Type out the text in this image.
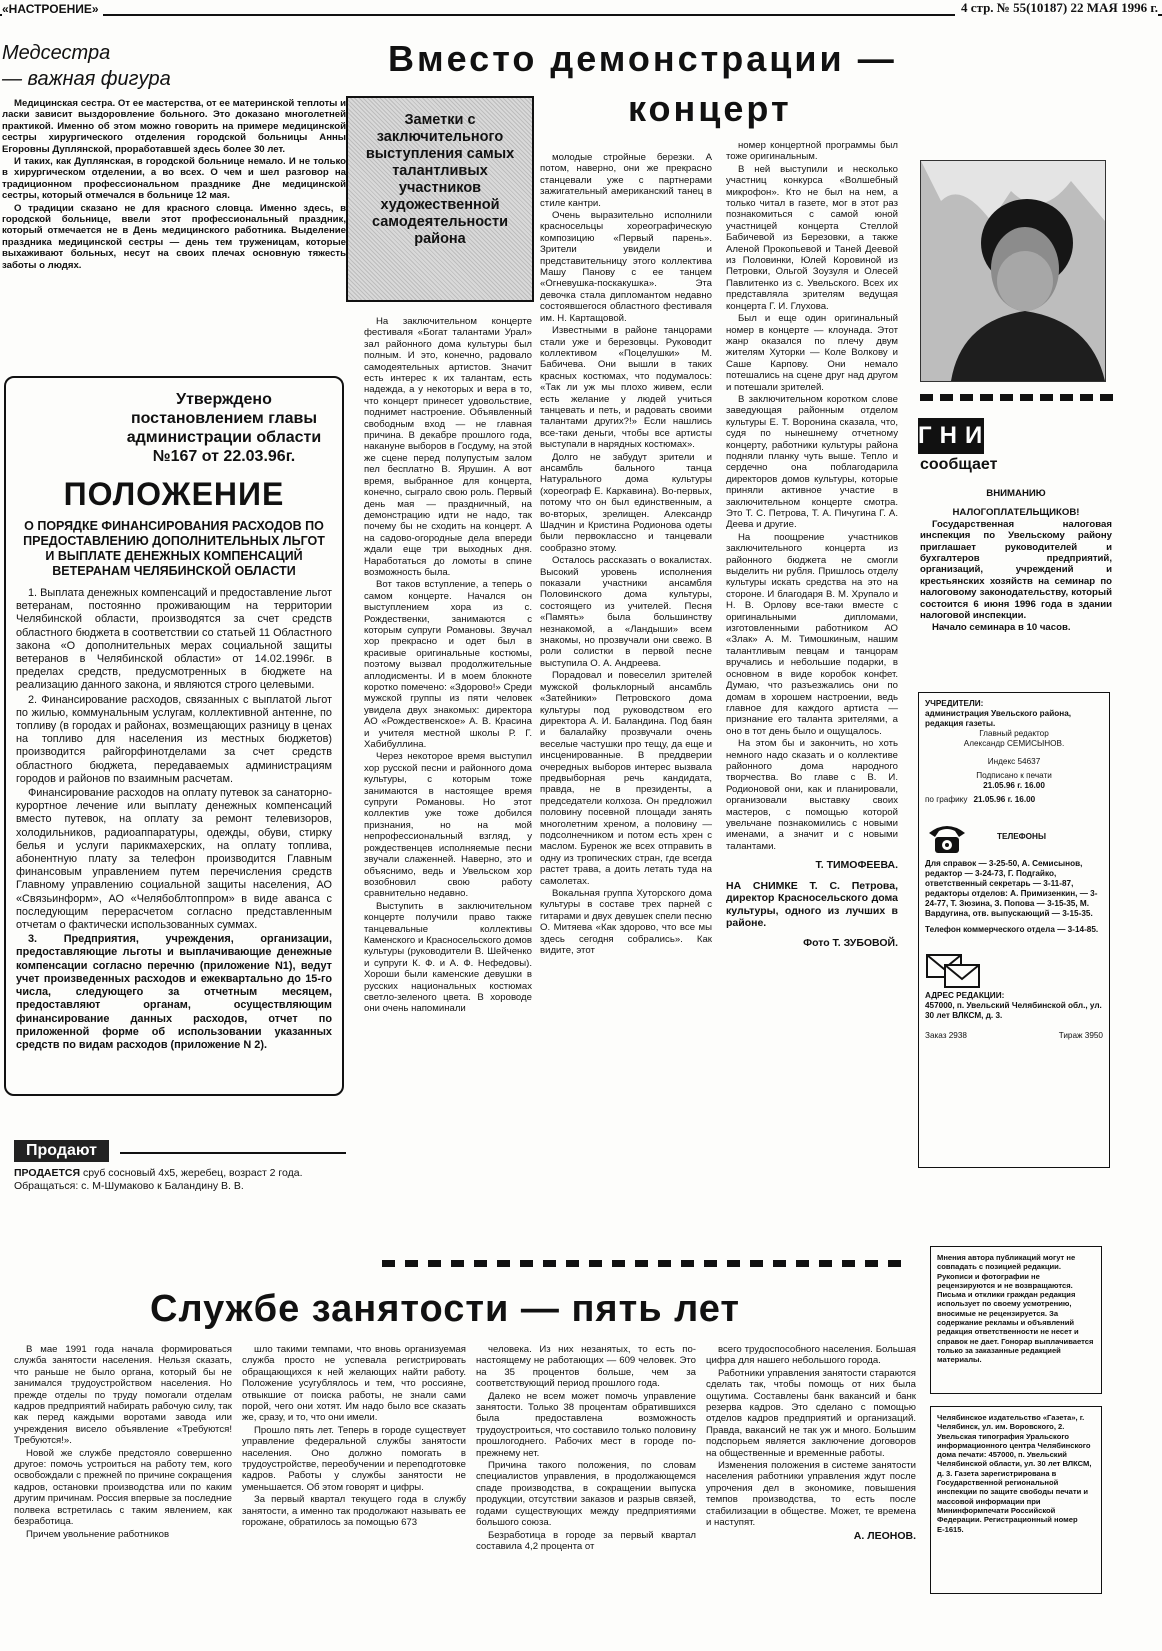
«НАСТРОЕНИЕ»	4 стр. № 55(10187) 22 МАЯ 1996 г.
Медсестра
— важная фигура

Медицинская сестра. От ее мастерства, от ее материнской теплоты и ласки зависит выздоровление больного. Это доказано многолетней практикой. Именно об этом можно говорить на примере медицинской сестры хирургического отделения городской больницы Анны Егоровны Дуплянской, проработавшей здесь более 30 лет.

И таких, как Дуплянская, в городской больнице немало. И не только в хирургическом отделении, а во всех. О чем и шел разговор на традиционном профессиональном празднике Дне медицинской сестры, который отмечался в больнице 12 мая.

О традиции сказано не для красного словца. Именно здесь, в городской больнице, ввели этот профессиональный праздник, который отмечается не в День медицинского работника. Выделение праздника медицинской сестры — день тем труженицам, которые выхаживают больных, несут на своих плечах основную тяжесть заботы о людях.

Утверждено постановлением главы администрации области №167 от 22.03.96г.
ПОЛОЖЕНИЕ
О ПОРЯДКЕ ФИНАНСИРОВАНИЯ РАСХОДОВ ПО ПРЕДОСТАВЛЕНИЮ ДОПОЛНИТЕЛЬНЫХ ЛЬГОТ И ВЫПЛАТЕ ДЕНЕЖНЫХ КОМПЕНСАЦИЙ ВЕТЕРАНАМ ЧЕЛЯБИНСКОЙ ОБЛАСТИ

1. Выплата денежных компенсаций и предоставление льгот ветеранам, постоянно проживающим на территории Челябинской области, производятся за счет средств областного бюджета в соответствии со статьей 11 Областного закона «О дополнительных мерах социальной защиты ветеранов в Челябинской области» от 14.02.1996г. в пределах средств, предусмотренных в бюджете на реализацию данного закона, и являются строго целевыми.

2. Финансирование расходов, связанных с выплатой льгот по жилью, коммунальным услугам, коллективной антенне, по топливу (в городах и районах, возмещающих разницу в ценах на топливо для населения из местных бюджетов) производится райгорфинотделами за счет средств областного бюджета, передаваемых администрациям городов и районов по взаимным расчетам.

Финансирование расходов на оплату путевок за санаторно-курортное лечение или выплату денежных компенсаций вместо путевок, на оплату за ремонт телевизоров, холодильников, радиоаппаратуры, одежды, обуви, стирку белья и услуги парикмахерских, на оплату топлива, абонентную плату за телефон производится Главным финансовым управлением путем перечисления средств Главному управлению социальной защиты населения, АО «Связьинформ», АО «Челябоблтоппром» в виде аванса с последующим перерасчетом согласно представленным отчетам о фактически использованных суммах.

3. Предприятия, учреждения, организации, предоставляющие льготы и выплачивающие денежные компенсации согласно перечню (приложение N1), ведут учет произведенных расходов и ежеквартально до 15-го числа, следующего за отчетным месяцем, предоставляют органам, осуществляющим финансирование данных расходов, отчет по приложенной форме об использовании указанных средств по видам расходов (приложение N 2).

Продают
ПРОДАЕТСЯ сруб сосновый 4х5, жеребец, возраст 2 года. Обращаться: с. М-Шумаково к Баландину В. В.
Вместо демонстрации —
концерт
Заметки с заключительного выступления самых талантливых участников художественной самодеятельности района

На заключительном концерте фестиваля «Богат талантами Урал» зал районного дома культуры был полным. И это, конечно, радовало самодеятельных артистов. Значит есть интерес к их талантам, есть надежда, а у некоторых и вера в то, что концерт принесет удовольствие, поднимет настроение. Объявленный свободным вход — не главная причина. В декабре прошлого года, накануне выборов в Госдуму, на этой же сцене перед полупустым залом пел бесплатно В. Ярушин. А вот время, выбранное для концерта, конечно, сыграло свою роль. Первый день мая — праздничный, на демонстрацию идти не надо, так почему бы не сходить на концерт. А на садово-огородные дела впереди ждали еще три выходных дня. Наработаться до ломоты в спине возможность была.

Вот таков вступление, а теперь о самом концерте. Начался он выступлением хора из с. Рождественки, занимаются с которым супруги Романовы. Звучал хор прекрасно и одет был в красивые оригинальные костюмы, поэтому вызвал продолжительные аплодисменты. И в моем блокноте коротко помечено: «Здорово!» Среди мужской группы из пяти человек увидела двух знакомых: директора АО «Рождественское» А. В. Красина и учителя местной школы Р. Г. Хабибуллина.

Через некоторое время выступил хор русской песни и районного дома культуры, с которым тоже занимаются в настоящее время супруги Романовы. Но этот коллектив уже тоже добился признания, но на мой непрофессиональный взгляд, у рождественцев исполняемые песни звучали слаженней. Наверно, это и объяснимо, ведь и Увельском хор возобновил свою работу сравнительно недавно.

Выступить в заключительном концерте получили право также танцевальные коллективы Каменского и Красносельского домов культуры (руководители В. Шейченко и супруги К. Ф. и А. Ф. Нефедовы). Хороши были каменские девушки в русских национальных костюмах светло-зеленого цвета. В хороводе они очень напоминали

молодые стройные березки. А потом, наверно, они же прекрасно станцевали уже с партнерами зажигательный американский танец в стиле кантри.

Очень выразительно исполнили красносельцы хореографическую композицию «Первый парень». Зрители увидели и представительницу этого коллектива Машу Панову с ее танцем «Огневушка-поскакушка». Эта девочка стала дипломантом недавно состоявшегося областного фестиваля им. Н. Картащовой.

Известными в районе танцорами стали уже и березовцы. Руководит коллективом «Поцелушки» М. Бабичева. Они вышли в таких красных костюмах, что подумалось: «Так ли уж мы плохо живем, если есть желание у людей учиться танцевать и петь, и радовать своими талантами других?!» Если нашлись все-таки деньги, чтобы все артисты выступали в нарядных костюмах».

Долго не забудут зрители и ансамбль бального танца Натурального дома культуры (хореограф Е. Каркавина). Во-первых, потому что он был единственным, а во-вторых, зрелищен. Александр Шадчин и Кристина Родионова одеты были первоклассно и танцевали сообразно этому.

Осталось рассказать о вокалистах. Высокий уровень исполнения показали участники ансамбля Половинского дома культуры, состоящего из учителей. Песня «Память» была большинству незнакомой, а «Ландыши» всем знакомы, но прозвучали они свежо. В роли солистки в первой песне выступила О. А. Андреева.

Порадовал и повеселил зрителей мужской фольклорный ансамбль «Затейники» Петровского дома культуры под руководством его директора А. И. Баландина. Под баян и балалайку прозвучали очень веселые частушки про тещу, да еще и инсценированные. В преддверии очередных выборов интерес вызвала предвыборная речь кандидата, правда, не в президенты, а председатели колхоза. Он предложил половину посевной площади занять многолетним хреном, а половину — подсолнечником и потом есть хрен с маслом. Буренок же всех отправить в одну из тропических стран, где всегда растет трава, а доить летать туда на самолетах.

Вокальная группа Хуторского дома культуры в составе трех парней с гитарами и двух девушек спели песню О. Митяева «Как здорово, что все мы здесь сегодня собрались». Как видите, этот

номер концертной программы был тоже оригинальным.

В ней выступили и несколько участниц конкурса «Волшебный микрофон». Кто не был на нем, а только читал в газете, мог в этот раз познакомиться с самой юной участницей концерта Стеллой Бабичевой из Березовки, а также Аленой Прокопьевой и Таней Деевой из Половинки, Юлей Коровиной из Петровки, Ольгой Зоузуля и Олесей Павлитенко из с. Увельского. Всех их представляла зрителям ведущая концерта Г. И. Глухова.

Был и еще один оригинальный номер в концерте — клоунада. Этот жанр оказался по плечу двум жителям Хуторки — Коле Волкову и Саше Карпову. Они немало потешались на сцене друг над другом и потешали зрителей.

В заключительном коротком слове заведующая районным отделом культуры Е. Т. Воронина сказала, что, судя по нынешнему отчетному концерту, работники культуры района подняли планку чуть выше. Тепло и сердечно она поблагодарила директоров домов культуры, которые приняли активное участие в заключительном концерте смотра. Это Т. С. Петрова, Т. А. Пичугина Г. А. Деева и другие.

На поощрение участников заключительного концерта из районного бюджета не смогли выделить ни рубля. Пришлось отделу культуры искать средства на это на стороне. И благодаря В. М. Хрупало и Н. В. Орлову все-таки вместе с оригинальными дипломами, изготовленными работником АО «Злак» А. М. Тимошкиным, нашим талантливым певцам и танцорам вручались и небольшие подарки, в основном в виде коробок конфет. Думаю, что разъезжались они по домам в хорошем настроении, ведь главное для каждого артиста — признание его таланта зрителями, а оно в тот день было и ощущалось.

На этом бы и закончить, но хоть немного надо сказать и о коллективе районного дома народного творчества. Во главе с В. И. Родионовой они, как и планировали, организовали выставку своих мастеров, с помощью которой увельчане познакомились с новыми именами, а значит и с новыми талантами.

Т. ТИМОФЕЕВА.
НА СНИМКЕ Т. С. Петрова, директор Красносельского дома культуры, одного из лучших в районе.
Фото Т. ЗУБОВОЙ.
ГНИ
сообщает
ВНИМАНИЮ
НАЛОГОПЛАТЕЛЬЩИКОВ!

Государственная налоговая инспекция по Увельскому району приглашает руководителей и бухгалтеров предприятий, организаций, учреждений и крестьянских хозяйств на семинар по налоговому законодательству, который состоится 6 июня 1996 года в здании налоговой инспекции.

Начало семинара в 10 часов.

УЧРЕДИТЕЛИ:
администрация Увельского района, редакция газеты.
Главный редактор
Александр СЕМИСЫНОВ.
Индекс 54637
Подписано к печати
21.05.96 г. 16.00
по графику 21.05.96 г. 16.00
ТЕЛЕФОНЫ
Для справок — 3-25-50, А. Семисынов, редактор — 3-24-73, Г. Подгайко, ответственный секретарь — 3-11-87, редакторы отделов: А. Примизенкин, — 3-24-77, Т. Зюзина, З. Попова — 3-15-35, М. Вардугина, отв. выпускающий — 3-15-35.
Телефон коммерческого отдела — 3-14-85.
АДРЕС РЕДАКЦИИ:
457000, п. Увельский Челябинской обл., ул. 30 лет ВЛКСМ, д. 3.
Заказ 2938	Тираж 3950
Мнения автора публикаций могут не совпадать с позицией редакции. Рукописи и фотографии не рецензируются и не возвращаются. Письма и отклики граждан редакция использует по своему усмотрению, вносимые не рецензируется. За содержание рекламы и объявлений редакция ответственности не несет и справок не дает. Гонорар выплачивается только за заказанные редакцией материалы.
Челябинское издательство «Газета», г. Челябинск, ул. им. Воровского, 2. Увельская типография Уральского информационного центра Челябинского дома печати: 457000, п. Увельский Челябинской области, ул. 30 лет ВЛКСМ, д. 3. Газета зарегистрирована в Государственной региональной инспекции по защите свободы печати и массовой информации при Мининформпечати Российской Федерации. Регистрационный номер Е-1615.
Службе занятости — пять лет

В мае 1991 года начала формироваться служба занятости населения. Нельзя сказать, что раньше не было органа, который бы не занимался трудоустройством населения. Но прежде отделы по труду помогали отделам кадров предприятий набирать рабочую силу, так как перед каждыми воротами завода или учреждения висело объявление «Требуются! Требуются!».

Новой же службе предстояло совершенно другое: помочь устроиться на работу тем, кого освобождали с прежней по причине сокращения кадров, остановки производства или по каким другим причинам. Россия впервые за последние полвека встретилась с таким явлением, как безработица.

Причем увольнение работников

шло такими темпами, что вновь организуемая служба просто не успевала регистрировать обращающихся к ней желающих найти работу. Положение усугублялось и тем, что россияне, отвыкшие от поиска работы, не знали сами порой, чего они хотят. Им надо было все сказать же, сразу, и то, что они имели.

Прошло пять лет. Теперь в городе существует управление федеральной службы занятости населения. Оно должно помогать в трудоустройстве, переобучении и переподготовке кадров. Работы у службы занятости не уменьшается. Об этом говорят и цифры.

За первый квартал текущего года в службу занятости, а именно так продолжают называть ее горожане, обратилось за помощью 673

человека. Из них незанятых, то есть по-настоящему не работающих — 609 человек. Это на 35 процентов больше, чем за соответствующий период прошлого года.

Далеко не всем может помочь управление занятости. Только 38 процентам обратившихся была предоставлена возможность трудоустроиться, что составило только половину прошлогоднего. Рабочих мест в городе по-прежнему нет.

Причина такого положения, по словам специалистов управления, в продолжающемся спаде производства, в сокращении выпуска продукции, отсутствии заказов и разрыв связей, годами существующих между предприятиями большого союза.

Безработица в городе за первый квартал составила 4,2 процента от

всего трудоспособного населения. Большая цифра для нашего небольшого города.

Работники управления занятости стараются сделать так, чтобы помощь от них была ощутима. Составлены банк вакансий и банк резерва кадров. Это сделано с помощью отделов кадров предприятий и организаций. Правда, вакансий не так уж и много. Большим подспорьем является заключение договоров на общественные и временные работы.

Изменения положения в системе занятости населения работники управления ждут после упрочения дел в экономике, повышения темпов производства, то есть после стабилизации в обществе. Может, те времена и наступят.

А. ЛЕОНОВ.
